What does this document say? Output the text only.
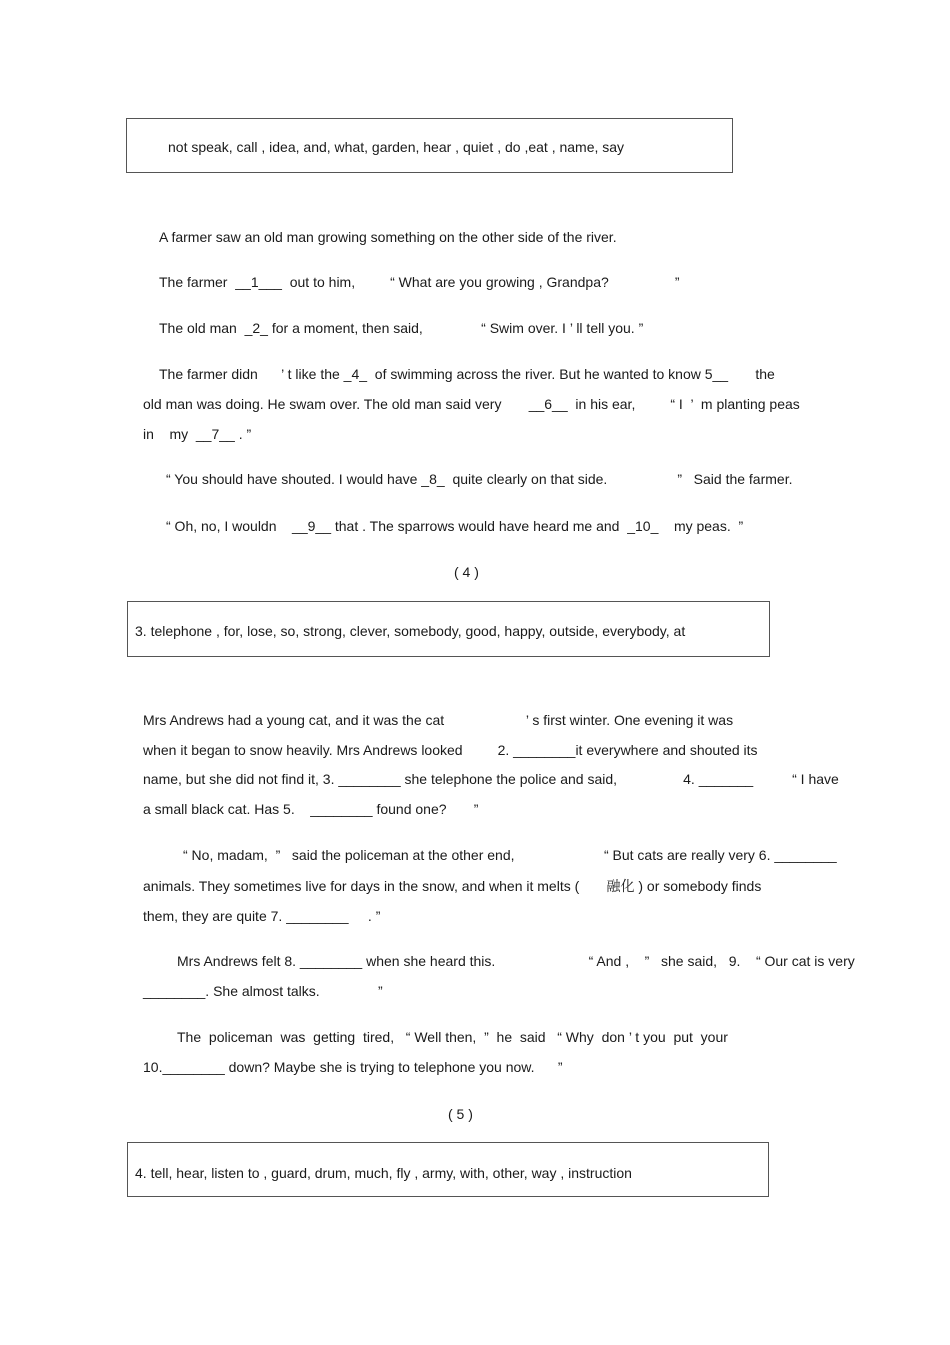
not speak, call , idea, and, what, garden, hear , quiet , do ,eat , name, say
A farmer saw an old man growing something on the other side of the river.
The farmer  __1___  out to him,         “ What are you growing , Grandpa?                 ”
The old man  _2_ for a moment, then said,               “ Swim over. I ’ ll tell you. ”
The farmer didn      ’ t like the _4_  of swimming across the river. But he wanted to know 5__       the
old man was doing. He swam over. The old man said very       __6__  in his ear,         “ I  ’  m planting peas
in    my  __7__ . ”
“ You should have shouted. I would have _8_  quite clearly on that side.                  ”   Said the farmer.
“ Oh, no, I wouldn    __9__ that . The sparrows would have heard me and  _10_    my peas.  ”
( 4 )
3. telephone , for, lose, so, strong, clever, somebody, good, happy, outside, everybody, at
Mrs Andrews had a young cat, and it was the cat                     ’ s first winter. One evening it was
when it began to snow heavily. Mrs Andrews looked         2. ________it everywhere and shouted its
name, but she did not find it, 3. ________ she telephone the police and said,                 4. _______          “ I have
a small black cat. Has 5.    ________ found one?       ”
“ No, madam,  ”   said the policeman at the other end,                       “ But cats are really very 6. ________
animals. They sometimes live for days in the snow, and when it melts (       融化 ) or somebody finds
them, they are quite 7. ________     . ”
Mrs Andrews felt 8. ________ when she heard this.                        “ And ,    ”   she said,   9.    “ Our cat is very
________. She almost talks.               ”
The  policeman  was  getting  tired,   “ Well then,  ”  he  said   “ Why  don ’ t you  put  your
10.________ down? Maybe she is trying to telephone you now.      ”
( 5 )
4. tell, hear, listen to , guard, drum, much, fly , army, with, other, way , instruction
